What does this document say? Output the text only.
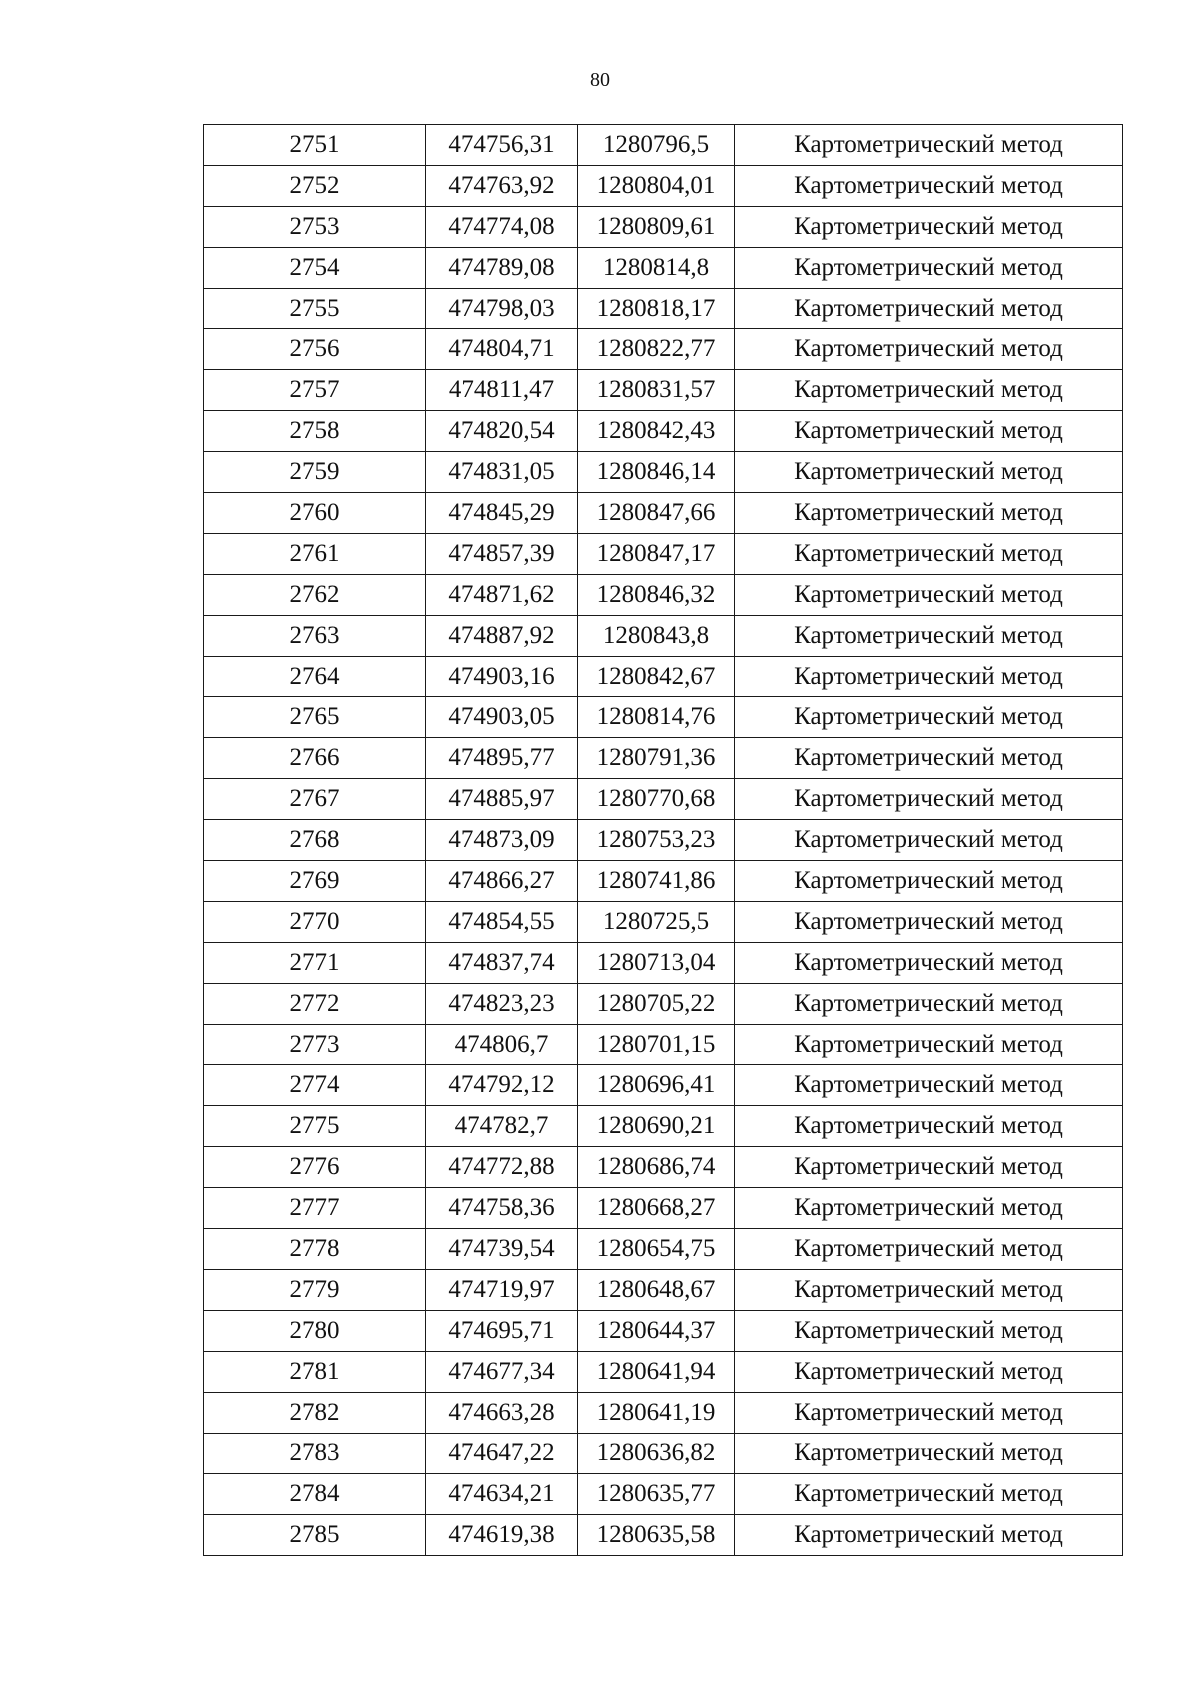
80
2751	474756,31	1280796,5	Картометрический метод
2752	474763,92	1280804,01	Картометрический метод
2753	474774,08	1280809,61	Картометрический метод
2754	474789,08	1280814,8	Картометрический метод
2755	474798,03	1280818,17	Картометрический метод
2756	474804,71	1280822,77	Картометрический метод
2757	474811,47	1280831,57	Картометрический метод
2758	474820,54	1280842,43	Картометрический метод
2759	474831,05	1280846,14	Картометрический метод
2760	474845,29	1280847,66	Картометрический метод
2761	474857,39	1280847,17	Картометрический метод
2762	474871,62	1280846,32	Картометрический метод
2763	474887,92	1280843,8	Картометрический метод
2764	474903,16	1280842,67	Картометрический метод
2765	474903,05	1280814,76	Картометрический метод
2766	474895,77	1280791,36	Картометрический метод
2767	474885,97	1280770,68	Картометрический метод
2768	474873,09	1280753,23	Картометрический метод
2769	474866,27	1280741,86	Картометрический метод
2770	474854,55	1280725,5	Картометрический метод
2771	474837,74	1280713,04	Картометрический метод
2772	474823,23	1280705,22	Картометрический метод
2773	474806,7	1280701,15	Картометрический метод
2774	474792,12	1280696,41	Картометрический метод
2775	474782,7	1280690,21	Картометрический метод
2776	474772,88	1280686,74	Картометрический метод
2777	474758,36	1280668,27	Картометрический метод
2778	474739,54	1280654,75	Картометрический метод
2779	474719,97	1280648,67	Картометрический метод
2780	474695,71	1280644,37	Картометрический метод
2781	474677,34	1280641,94	Картометрический метод
2782	474663,28	1280641,19	Картометрический метод
2783	474647,22	1280636,82	Картометрический метод
2784	474634,21	1280635,77	Картометрический метод
2785	474619,38	1280635,58	Картометрический метод
